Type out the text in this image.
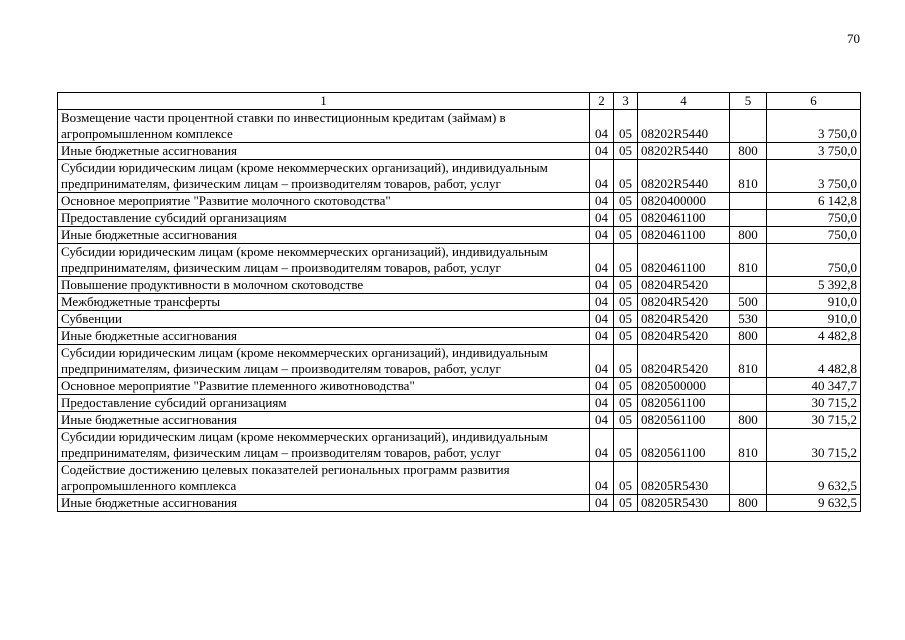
70
1	2	3	4	5	6
Возмещение части процентной ставки по инвестиционным кредитам (займам) в агропромышленном комплексе	04	05	08202R5440		3 750,0
Иные бюджетные ассигнования	04	05	08202R5440	800	3 750,0
Субсидии юридическим лицам (кроме некоммерческих организаций), индивидуальным предпринимателям, физическим лицам – производителям товаров, работ, услуг	04	05	08202R5440	810	3 750,0
Основное мероприятие "Развитие молочного скотоводства"	04	05	0820400000		6 142,8
Предоставление субсидий организациям	04	05	0820461100		750,0
Иные бюджетные ассигнования	04	05	0820461100	800	750,0
Субсидии юридическим лицам (кроме некоммерческих организаций), индивидуальным предпринимателям, физическим лицам – производителям товаров, работ, услуг	04	05	0820461100	810	750,0
Повышение продуктивности в молочном скотоводстве	04	05	08204R5420		5 392,8
Межбюджетные трансферты	04	05	08204R5420	500	910,0
Субвенции	04	05	08204R5420	530	910,0
Иные бюджетные ассигнования	04	05	08204R5420	800	4 482,8
Субсидии юридическим лицам (кроме некоммерческих организаций), индивидуальным предпринимателям, физическим лицам – производителям товаров, работ, услуг	04	05	08204R5420	810	4 482,8
Основное мероприятие "Развитие племенного животноводства"	04	05	0820500000		40 347,7
Предоставление субсидий организациям	04	05	0820561100		30 715,2
Иные бюджетные ассигнования	04	05	0820561100	800	30 715,2
Субсидии юридическим лицам (кроме некоммерческих организаций), индивидуальным предпринимателям, физическим лицам – производителям товаров, работ, услуг	04	05	0820561100	810	30 715,2
Содействие достижению целевых показателей региональных программ развития агропромышленного комплекса	04	05	08205R5430		9 632,5
Иные бюджетные ассигнования	04	05	08205R5430	800	9 632,5
